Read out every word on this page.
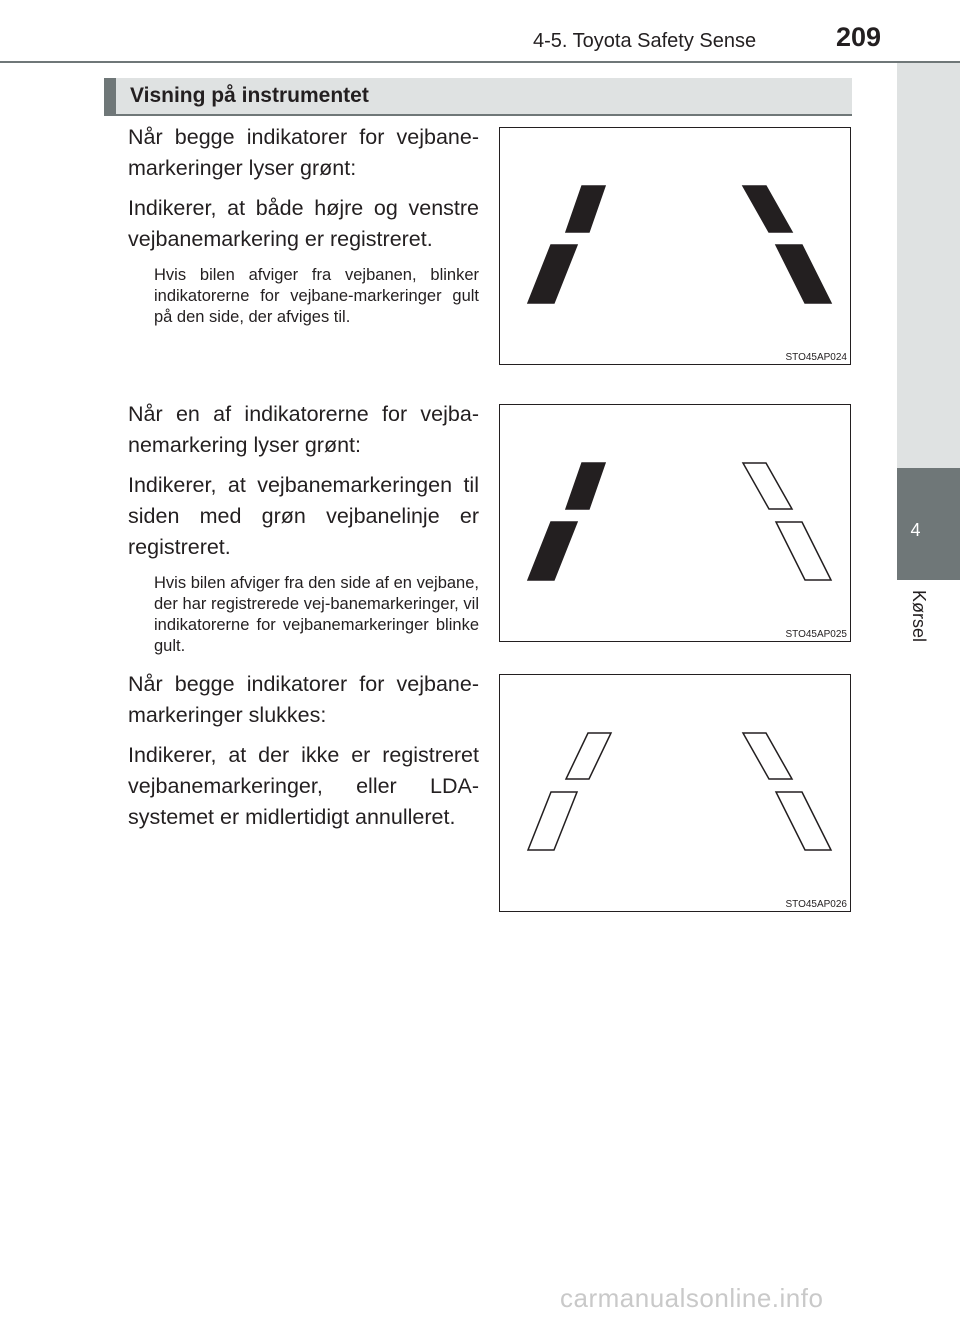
4-5. Toyota Safety Sense	209
4
Kørsel
Visning på instrumentet
Når begge indikatorer for vejbane-markeringer lyser grønt:
Indikerer, at både højre og venstre vejbanemarkering er registreret.
Hvis bilen afviger fra vejbanen, blinker indikatorerne for vejbane-markeringer gult på den side, der afviges til.
STO45AP024
Når en af indikatorerne for vejba-nemarkering lyser grønt:
Indikerer, at vejbanemarkeringen til siden med grøn vejbanelinje er registreret.
Hvis bilen afviger fra den side af en vejbane, der har registrerede vej-banemarkeringer, vil indikatorerne for vejbanemarkeringer blinke gult.
STO45AP025
Når begge indikatorer for vejbane-markeringer slukkes:
Indikerer, at der ikke er registreret vejbanemarkeringer, eller LDA-systemet er midlertidigt annulleret.
STO45AP026
carmanualsonline.info
